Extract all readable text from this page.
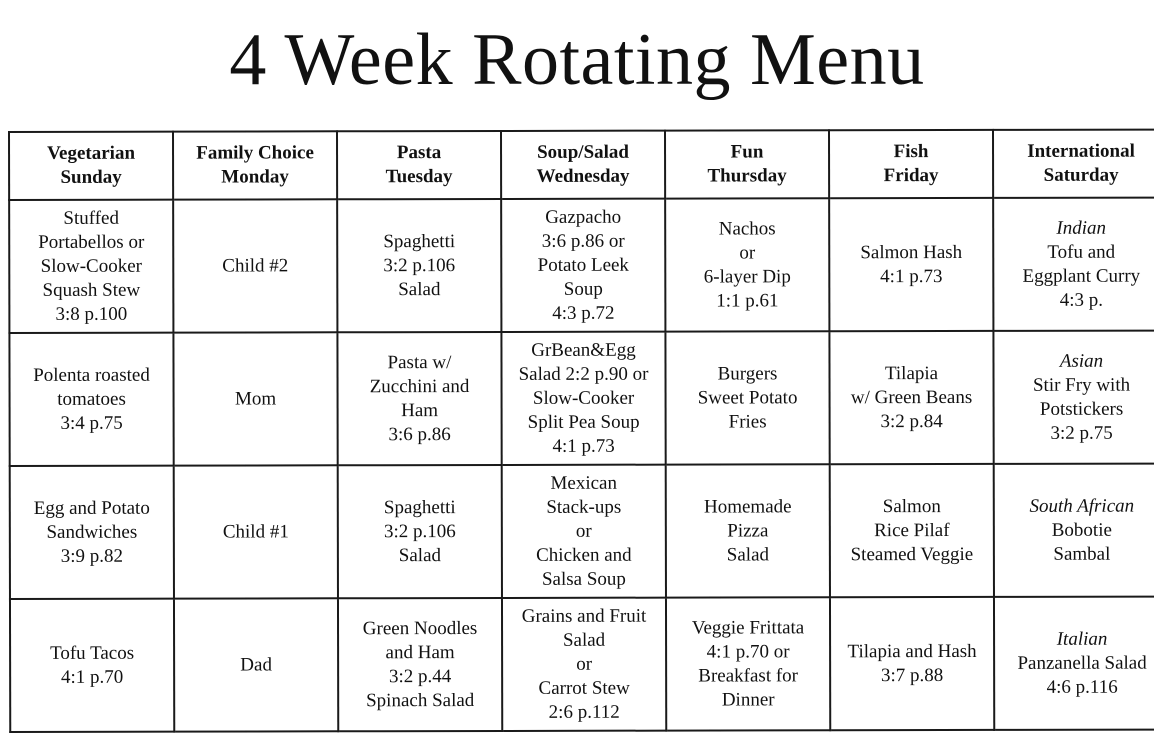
4 Week Rotating Menu
Vegetarian
Sunday	Family Choice
Monday	Pasta
Tuesday	Soup/Salad
Wednesday	Fun
Thursday	Fish
Friday	International
Saturday

Stuffed
Portabellos or
Slow-Cooker
Squash Stew
3:8 p.100	Child #2	Spaghetti
3:2 p.106
Salad	Gazpacho
3:6 p.86 or
Potato Leek
Soup
4:3 p.72	Nachos
or
6-layer Dip
1:1 p.61	Salmon Hash
4:1 p.73	Indian
Tofu and
Eggplant Curry
4:3 p.

Polenta roasted
tomatoes
3:4 p.75	Mom	Pasta w/
Zucchini and
Ham
3:6 p.86	GrBean&Egg
Salad 2:2 p.90 or
Slow-Cooker
Split Pea Soup
4:1 p.73	Burgers
Sweet Potato
Fries	Tilapia
w/ Green Beans
3:2 p.84	Asian
Stir Fry with
Potstickers
3:2 p.75

Egg and Potato
Sandwiches
3:9 p.82	Child #1	Spaghetti
3:2 p.106
Salad	Mexican
Stack-ups
or
Chicken and
Salsa Soup	Homemade
Pizza
Salad	Salmon
Rice Pilaf
Steamed Veggie	South African
Bobotie
Sambal

Tofu Tacos
4:1 p.70	Dad	Green Noodles
and Ham
3:2 p.44
Spinach Salad	Grains and Fruit
Salad
or
Carrot Stew
2:6 p.112	Veggie Frittata
4:1 p.70 or
Breakfast for
Dinner	Tilapia and Hash
3:7 p.88	Italian
Panzanella Salad
4:6 p.116
